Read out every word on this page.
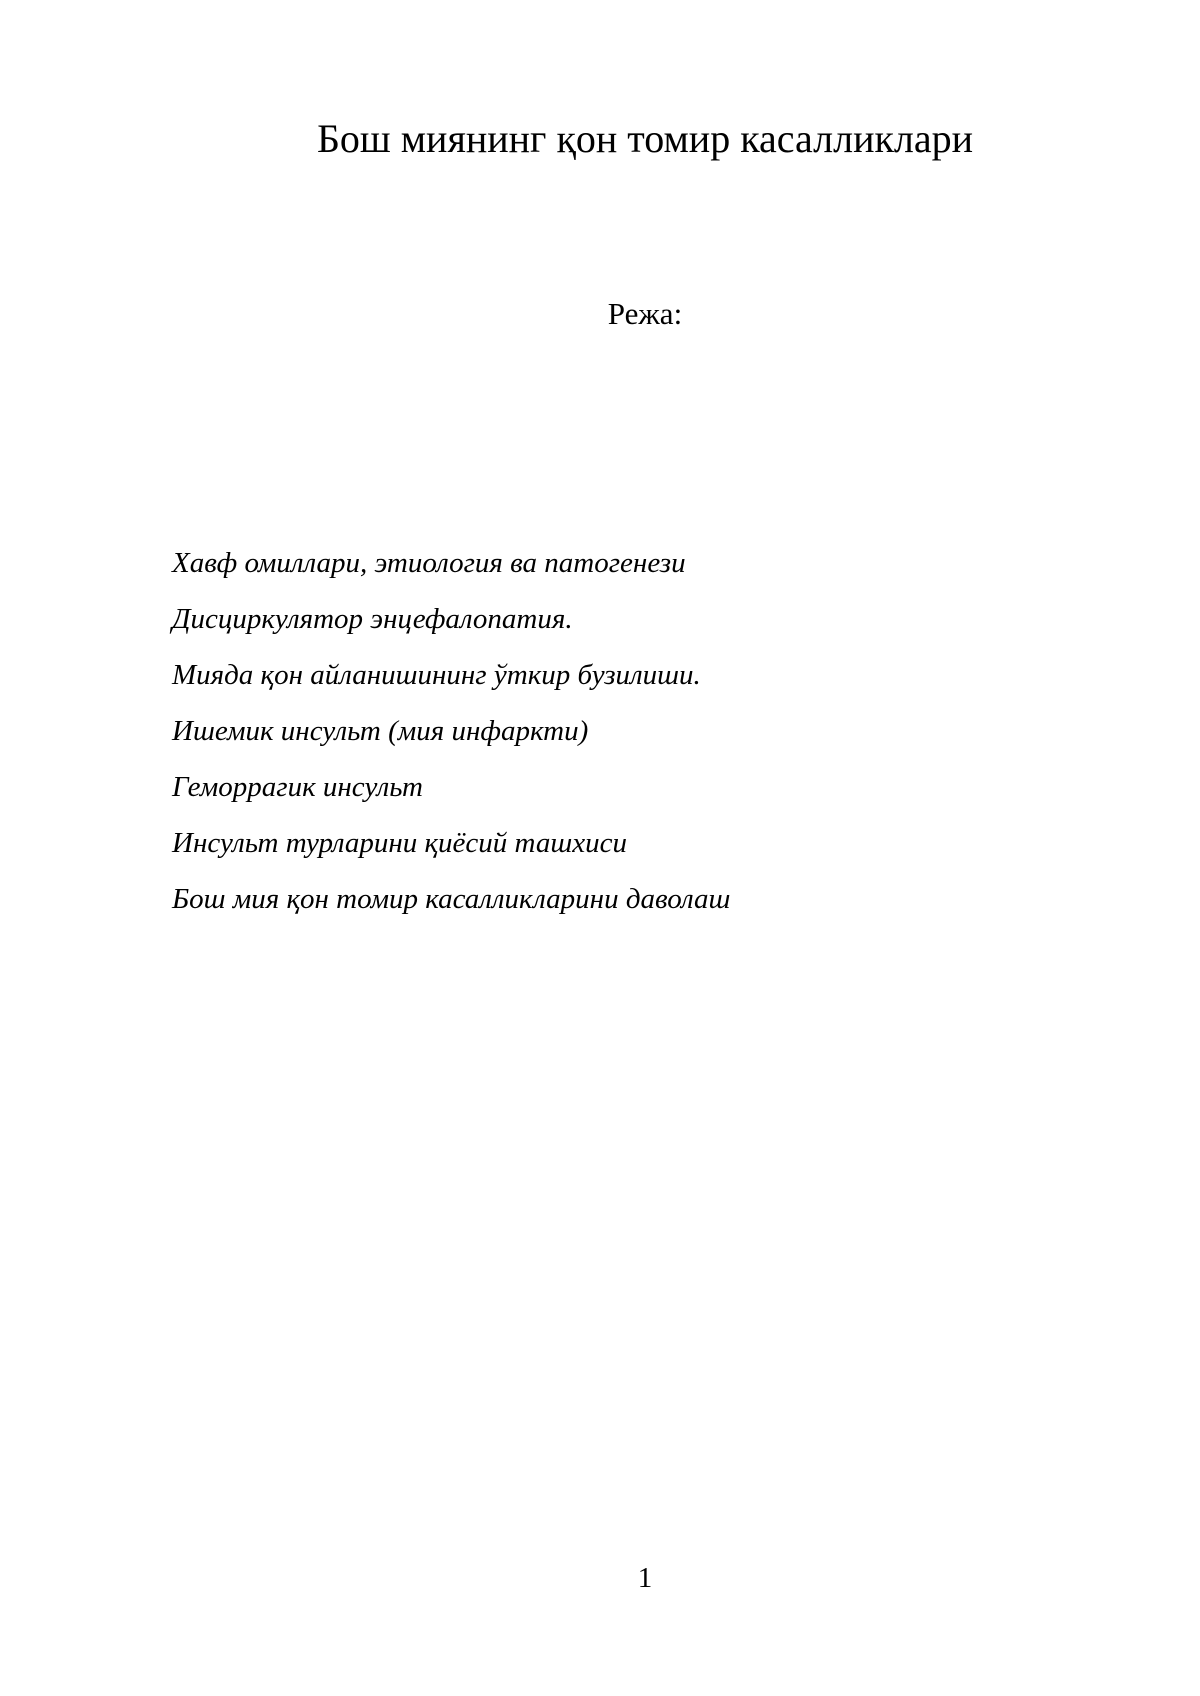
Бош миянинг қон томир касалликлари
Режа:
Хавф омиллари, этиология ва патогенези
Дисциркулятор энцефалопатия.
Мияда қон айланишининг ўткир бузилиши.
Ишемик инсульт (мия инфаркти)
Геморрагик инсульт
Инсульт турларини қиёсий ташхиси
Бош мия қон томир касалликларини даволаш
1
